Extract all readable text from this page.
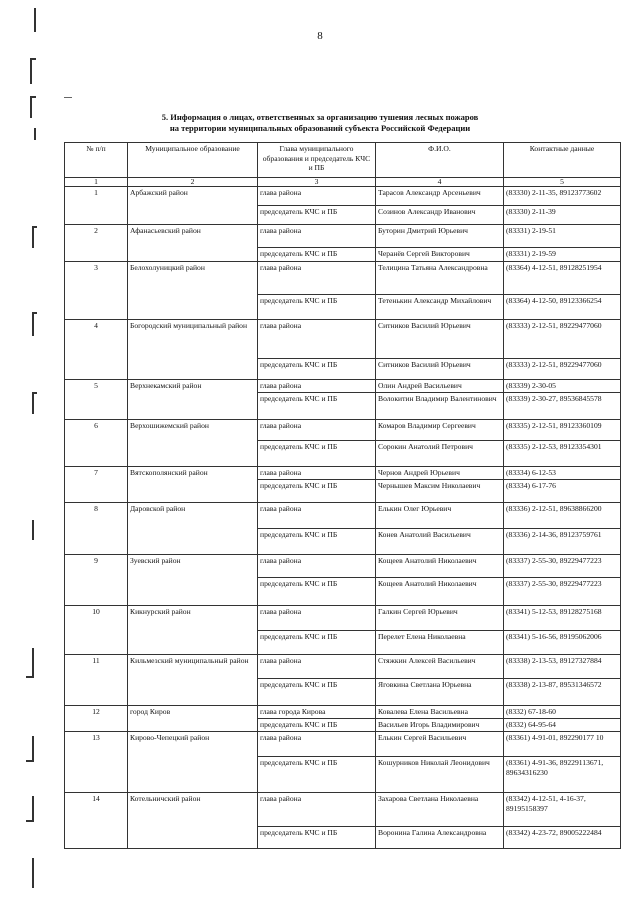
8
5. Информация о лицах, ответственных за организацию тушения лесных пожаров
на территории муниципальных образований субъекта Российской Федерации
№ п/п	Муниципальное образование	Глава муниципального образования и председатель КЧС и ПБ	Ф.И.О.	Контактные данные
1	2	3	4	5
1	Арбажский район	глава района	Тарасов Александр Арсеньевич	(83330) 2-11-35, 89123773602
		председатель КЧС и ПБ	Созинов Александр Иванович	(83330) 2-11-39
2	Афанасьевский район	глава района	Буторин Дмитрий Юрьевич	(83331) 2-19-51
		председатель КЧС и ПБ	Черанёв Сергей Викторович	(83331) 2-19-59
3	Белохолуницкий район	глава района	Телицина Татьяна Александровна	(83364) 4-12-51, 89128251954
		председатель КЧС и ПБ	Тетенькин Александр Михайлович	(83364) 4-12-50, 89123366254
4	Богородский муниципальный район	глава района	Ситников Василий Юрьевич	(83333) 2-12-51, 89229477060
		председатель КЧС и ПБ	Ситников Василий Юрьевич	(83333) 2-12-51, 89229477060
5	Верхнекамский район	глава района	Олин Андрей Васильевич	(83339) 2-30-05
		председатель КЧС и ПБ	Волокитин Владимир Валентинович	(83339) 2-30-27, 89536845578
6	Верхошижемский район	глава района	Комаров Владимир Сергеевич	(83335) 2-12-51, 89123360109
		председатель КЧС и ПБ	Сорокин Анатолий Петрович	(83335) 2-12-53, 89123354301
7	Вятскополянский район	глава района	Чернов Андрей Юрьевич	(83334) 6-12-53
		председатель КЧС и ПБ	Чернышев Максим Николаевич	(83334) 6-17-76
8	Даровской район	глава района	Елькин Олег Юрьевич	(83336) 2-12-51, 89638866200
		председатель КЧС и ПБ	Конев Анатолий Васильевич	(83336) 2-14-36, 89123759761
9	Зуевский район	глава района	Кощеев Анатолий Николаевич	(83337) 2-55-30, 89229477223
		председатель КЧС и ПБ	Кощеев Анатолий Николаевич	(83337) 2-55-30, 89229477223
10	Кикнурский район	глава района	Галкин Сергей Юрьевич	(83341) 5-12-53, 89128275168
		председатель КЧС и ПБ	Перелет Елена Николаевна	(83341) 5-16-56, 89195062006
11	Кильмезский муниципальный район	глава района	Стяжкин Алексей Васильевич	(83338) 2-13-53, 89127327884
		председатель КЧС и ПБ	Яговкина Светлана Юрьевна	(83338) 2-13-87, 89531346572
12	город Киров	глава города Кирова	Ковалева Елена Васильевна	(8332) 67-18-60
		председатель КЧС и ПБ	Васильев Игорь Владимирович	(8332) 64-95-64
13	Кирово-Чепецкий район	глава района	Елькин Сергей Васильевич	(83361) 4-91-01, 892290177 10
		председатель КЧС и ПБ	Кошурников Николай Леонидович	(83361) 4-91-36, 89229113671, 89634316230
14	Котельничский район	глава района	Захарова Светлана Николаевна	(83342) 4-12-51, 4-16-37, 89195158397
		председатель КЧС и ПБ	Воронина Галина Александровна	(83342) 4-23-72, 89005222484
